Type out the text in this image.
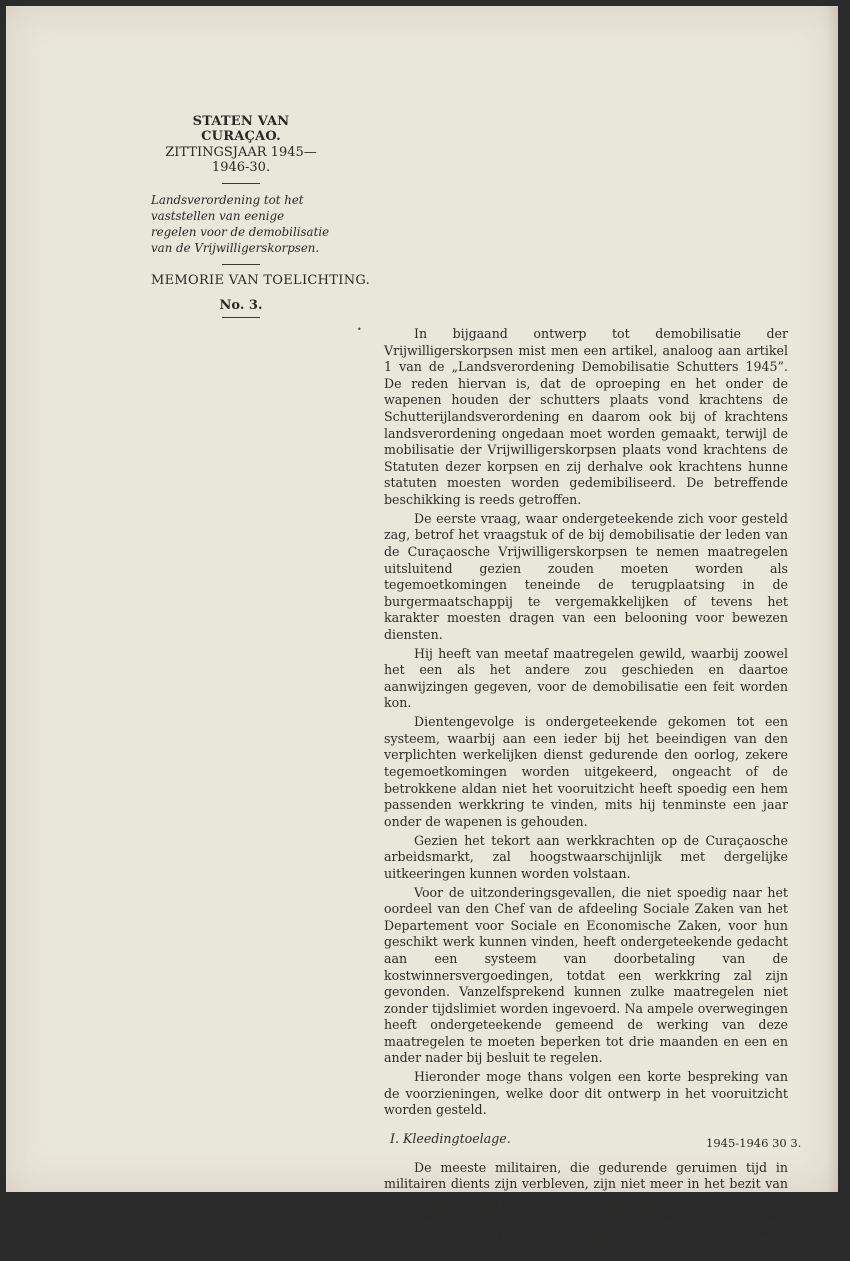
STATEN VAN CURAÇAO.
ZITTINGSJAAR 1945—1946-30.
Landsverordening tot het vaststellen van eenige regelen voor de demobilisatie van de Vrijwilligerskorpsen.
MEMORIE VAN TOELICHTING.
No. 3.
•	In bijgaand ontwerp tot demobilisatie der Vrijwilligerskorpsen mist men een artikel, analoog aan artikel 1 van de „Landsverordening Demobilisatie Schutters 1945”. De reden hiervan is, dat de oproeping en het onder de wapenen houden der schutters plaats vond krachtens de Schutterijlandsverordening en daarom ook bij of krachtens landsverordening ongedaan moet worden gemaakt, terwijl de mobilisatie der Vrijwilligerskorpsen plaats vond krachtens de Statuten dezer korpsen en zij derhalve ook krachtens hunne statuten moesten worden gedemibiliseerd. De betreffende beschikking is reeds getroffen.

De eerste vraag, waar ondergeteekende zich voor gesteld zag, betrof het vraagstuk of de bij demobilisatie der leden van de Curaçaosche Vrijwilligerskorpsen te nemen maatregelen uitsluitend gezien zouden moeten worden als tegemoetkomingen teneinde de terugplaatsing in de burgermaatschappij te vergemakkelijken of tevens het karakter moesten dragen van een belooning voor bewezen diensten.

Hij heeft van meetaf maatregelen gewild, waarbij zoowel het een als het andere zou geschieden en daartoe aanwijzingen gegeven, voor de demobilisatie een feit worden kon.

Dientengevolge is ondergeteekende gekomen tot een systeem, waarbij aan een ieder bij het beeindigen van den verplichten werkelijken dienst gedurende den oorlog, zekere tegemoetkomingen worden uitgekeerd, ongeacht of de betrokkene aldan niet het vooruitzicht heeft spoedig een hem passenden werkkring te vinden, mits hij tenminste een jaar onder de wapenen is gehouden.

Gezien het tekort aan werkkrachten op de Curaçaosche arbeidsmarkt, zal hoogstwaarschijnlijk met dergelijke uitkeeringen kunnen worden volstaan.

Voor de uitzonderingsgevallen, die niet spoedig naar het oordeel van den Chef van de afdeeling Sociale Zaken van het Departement voor Sociale en Economische Zaken, voor hun geschikt werk kunnen vinden, heeft ondergeteekende gedacht aan een systeem van doorbetaling van de kostwinnersvergoedingen, totdat een werkkring zal zijn gevonden. Vanzelfsprekend kunnen zulke maatregelen niet zonder tijdslimiet worden ingevoerd. Na ampele overwegingen heeft ondergeteekende gemeend de werking van deze maatregelen te moeten beperken tot drie maanden en een en ander nader bij besluit te regelen.

Hieronder moge thans volgen een korte bespreking van de voorzieningen, welke door dit ontwerp in het vooruitzicht worden gesteld.

I. Kleedingtoelage.

De meeste militairen, die gedurende geruimen tijd in militairen dients zijn verbleven, zijn niet meer in het bezit van voldoende burgerkleeding. Ondergeteekende heeft gemeend dit euvel te kunnen ondervangen door de bepaling dat bij het einde van den verplichten werkelijken dienst de van Rijkswege ver-

1945-1946 30 3.
